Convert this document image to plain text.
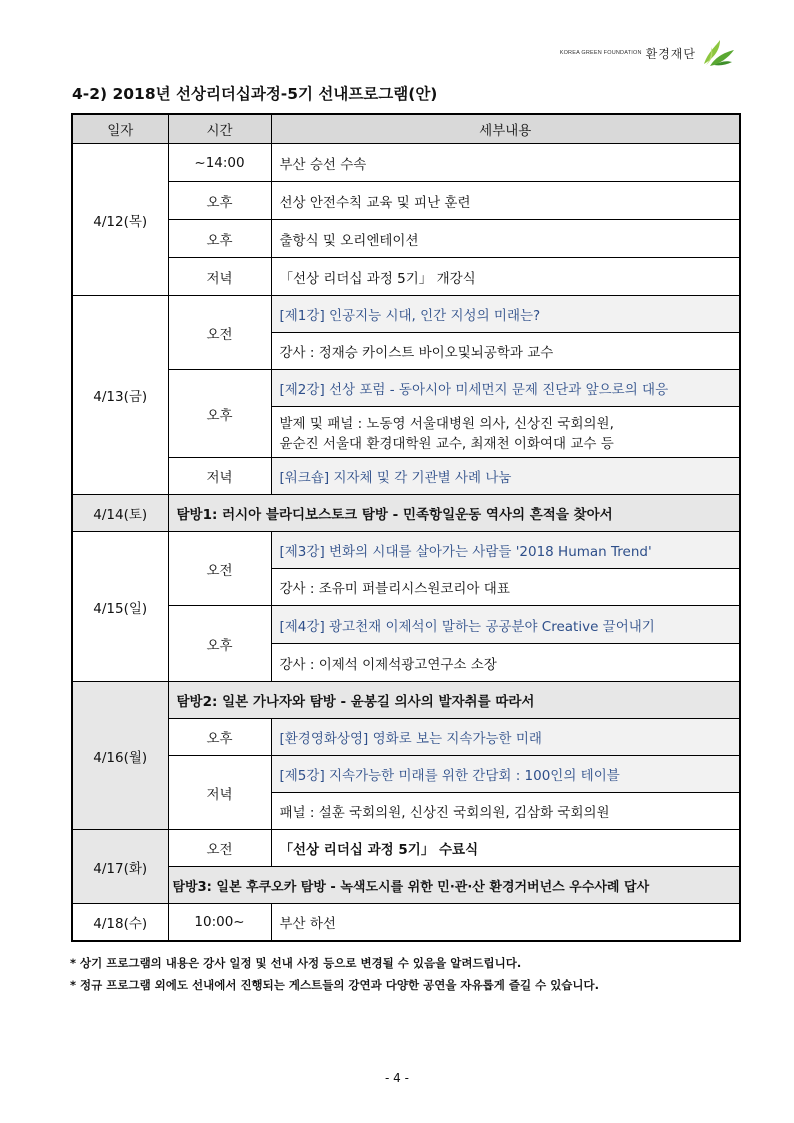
KOREA GREEN FOUNDATION 환경재단
4-2) 2018년 선상리더십과정-5기 선내프로그램(안)
일자	시간	세부내용
4/12(목)	~14:00	부산 승선 수속
	오후	선상 안전수칙 교육 및 피난 훈련
	오후	출항식 및 오리엔테이션
	저녁	「선상 리더십 과정 5기」 개강식
4/13(금)	오전	[제1강] 인공지능 시대, 인간 지성의 미래는?
		강사 : 정재승 카이스트 바이오및뇌공학과 교수
	오후	[제2강] 선상 포럼 - 동아시아 미세먼지 문제 진단과 앞으로의 대응

		발제 및 패널 : 노동영 서울대병원 의사, 신상진 국회의원,
윤순진 서울대 환경대학원 교수, 최재천 이화여대 교수 등

	저녁	[워크숍] 지자체 및 각 기관별 사례 나눔
4/14(토)	탐방1: 러시아 블라디보스토크 탐방 - 민족항일운동 역사의 흔적을 찾아서	
4/15(일)	오전	[제3강] 변화의 시대를 살아가는 사람들 '2018 Human Trend'
		강사 : 조유미 퍼블리시스원코리아 대표
	오후	[제4강] 광고천재 이제석이 말하는 공공분야 Creative 끌어내기
		강사 : 이제석 이제석광고연구소 소장
4/16(월)	탐방2: 일본 가나자와 탐방 - 윤봉길 의사의 발자취를 따라서	
	오후	[환경영화상영] 영화로 보는 지속가능한 미래
	저녁	[제5강] 지속가능한 미래를 위한 간담회 : 100인의 테이블
		패널 : 설훈 국회의원, 신상진 국회의원, 김삼화 국회의원
4/17(화)	오전	「선상 리더십 과정 5기」 수료식
	탐방3: 일본 후쿠오카 탐방 - 녹색도시를 위한 민·관·산 환경거버넌스 우수사례 답사	
4/18(수)	10:00~	부산 하선
* 상기 프로그램의 내용은 강사 일정 및 선내 사정 등으로 변경될 수 있음을 알려드립니다.
* 정규 프로그램 외에도 선내에서 진행되는 게스트들의 강연과 다양한 공연을 자유롭게 즐길 수 있습니다.
- 4 -
